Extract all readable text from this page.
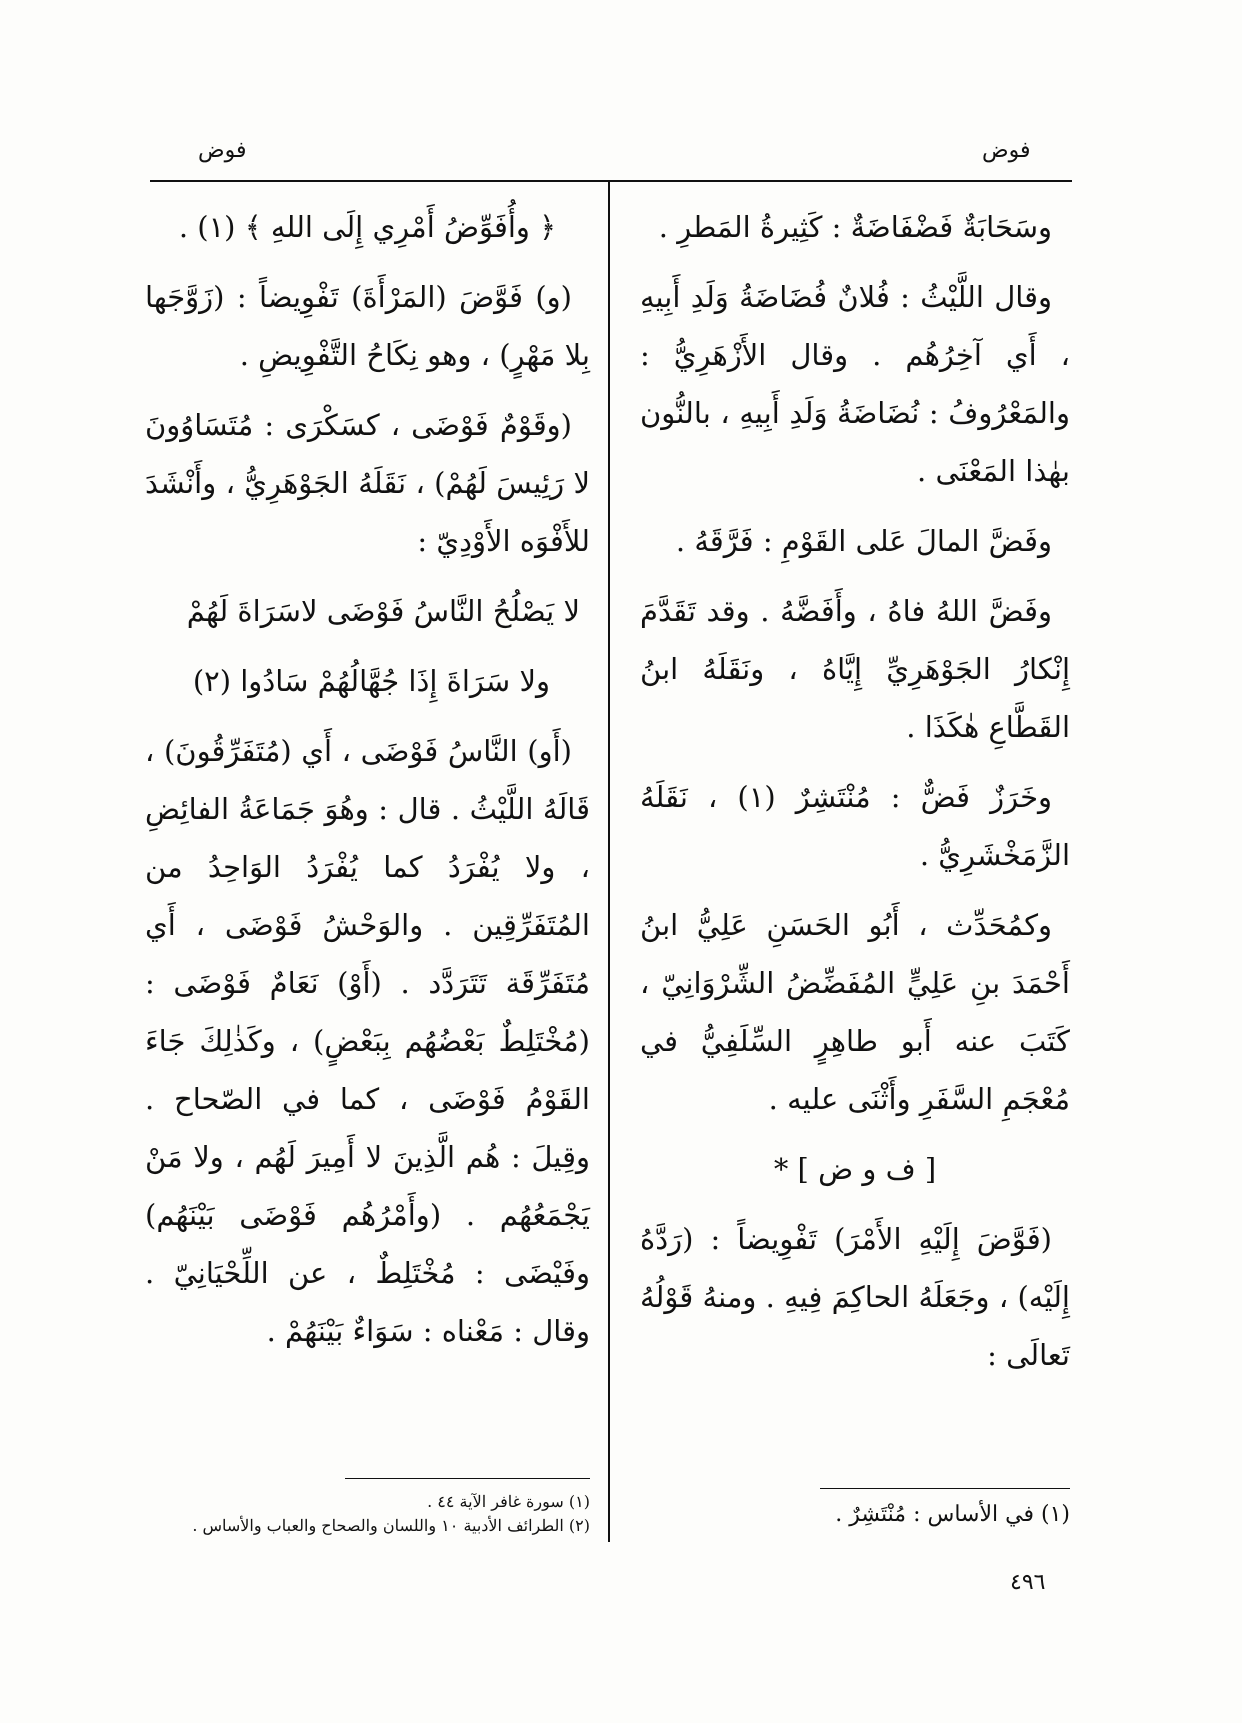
فوض
فوض

وسَحَابَةٌ فَضْفَاضَةٌ : كَثِيرةُ المَطرِ .

وقال اللَّيْثُ : فُلانٌ فُضَاضَةُ وَلَدِ أَبِيهِ ، أَي آخِرُهُم . وقال الأَزْهَرِيُّ : والمَعْرُوفُ : نُضَاضَةُ وَلَدِ أَبِيهِ ، بالنُّون بهٰذا المَعْنَى .

وفَضَّ المالَ عَلى القَوْمِ : فَرَّقَهُ .

وفَضَّ اللهُ فاهُ ، وأَفَضَّهُ . وقد تَقَدَّمَ إِنْكارُ الجَوْهَرِيِّ إِيَّاهُ ، ونَقَلَهُ ابنُ القَطَّاعِ هٰكَذَا .

وخَرَزٌ فَضٌّ : مُنْتَشِرٌ (١) ، نَقَلَهُ الزَّمَخْشَرِيُّ .

وكمُحَدِّث ، أَبُو الحَسَنِ عَلِيُّ ابنُ أَحْمَدَ بنِ عَلِيٍّ المُفَضِّضُ الشِّرْوَانِيّ ، كَتَبَ عنه أَبو طاهِرٍ السِّلَفِيُّ في مُعْجَمِ السَّفَرِ وأَثْنَى عليه .

[ ف و ض ] *

(فَوَّضَ إِلَيْهِ الأَمْرَ) تَفْوِيضاً : (رَدَّهُ إِلَيْه) ، وجَعَلَهُ الحاكِمَ فِيهِ . ومنهُ قَوْلُهُ تَعالَى :

﴿ وأُفَوِّضُ أَمْرِي إِلَى اللهِ ﴾ (١) .

(و) فَوَّضَ (المَرْأَةَ) تَفْوِيضاً : (زَوَّجَها بِلا مَهْرٍ) ، وهو نِكَاحُ التَّفْوِيضِ .

(وقَوْمٌ فَوْضَى ، كسَكْرَى : مُتَسَاوُونَ لا رَئِيسَ لَهُمْ) ، نَقَلَهُ الجَوْهَرِيُّ ، وأَنْشَدَ للأَفْوَه الأَوْدِيّ :

لا يَصْلُحُ النَّاسُ فَوْضَى لاسَرَاةَ لَهُمْ

ولا سَرَاةَ إِذَا جُهَّالُهُمْ سَادُوا (٢)

(أَو) النَّاسُ فَوْضَى ، أَي (مُتَفَرِّقُونَ) ، قَالَهُ اللَّيْثُ . قال : وهُوَ جَمَاعَةُ الفائِضِ ، ولا يُفْرَدُ كما يُفْرَدُ الوَاحِدُ من المُتَفَرِّقِين . والوَحْشُ فَوْضَى ، أَي مُتَفَرِّقَة تَتَرَدَّد . (أَوْ) نَعَامٌ فَوْضَى : (مُخْتَلِطٌ بَعْضُهُم بِبَعْضٍ) ، وكَذٰلِكَ جَاءَ القَوْمُ فَوْضَى ، كما في الصّحاح . وقِيلَ : هُم الَّذِينَ لا أَمِيرَ لَهُم ، ولا مَنْ يَجْمَعُهُم . (وأَمْرُهُم فَوْضَى بَيْنَهُم) وفَيْضَى : مُخْتَلِطٌ ، عن اللِّحْيَانِيّ . وقال : مَعْناه : سَوَاءٌ بَيْنَهُمْ .

(١) في الأساس : مُنْتَشِرٌ .
(١) سورة غافر الآية ٤٤ .
(٢) الطرائف الأدبية ١٠ واللسان والصحاح والعباب والأساس .
٤٩٦
